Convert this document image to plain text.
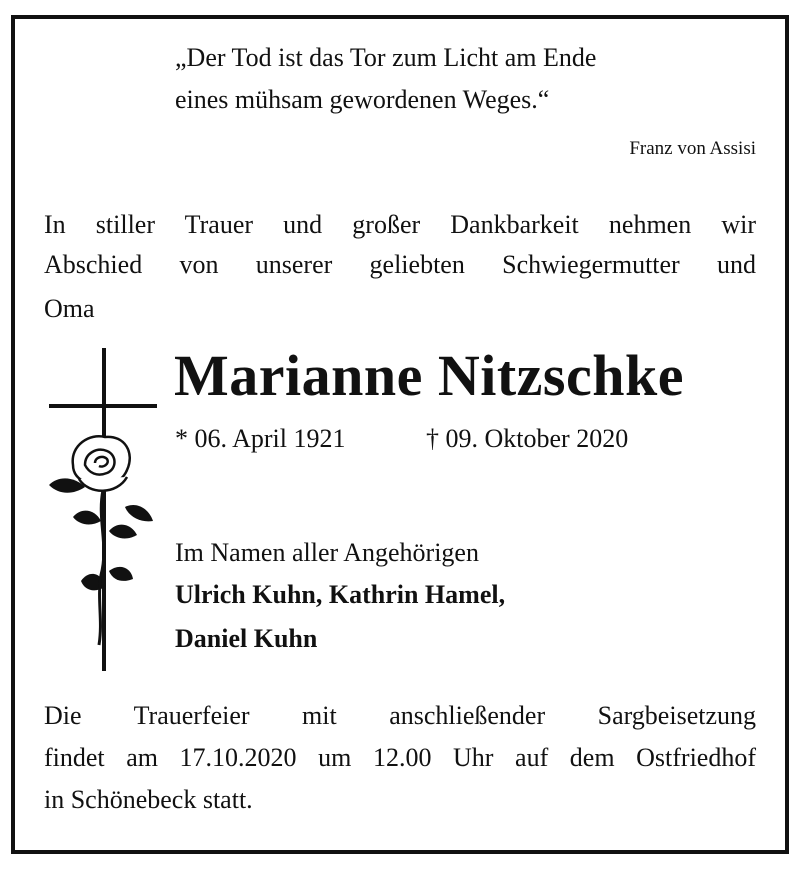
„Der Tod ist das Tor zum Licht am Ende
eines mühsam gewordenen Weges.“
Franz von Assisi
In stiller Trauer und großer Dankbarkeit nehmen wir
Abschied von unserer geliebten Schwiegermutter und
Oma
Marianne Nitzschke
* 06. April 1921	† 09. Oktober 2020
Im Namen aller Angehörigen
Ulrich Kuhn, Kathrin Hamel,
Daniel Kuhn
Die Trauerfeier mit anschließender Sargbeisetzung
findet am 17.10.2020 um 12.00 Uhr auf dem Ostfriedhof
in Schönebeck statt.
